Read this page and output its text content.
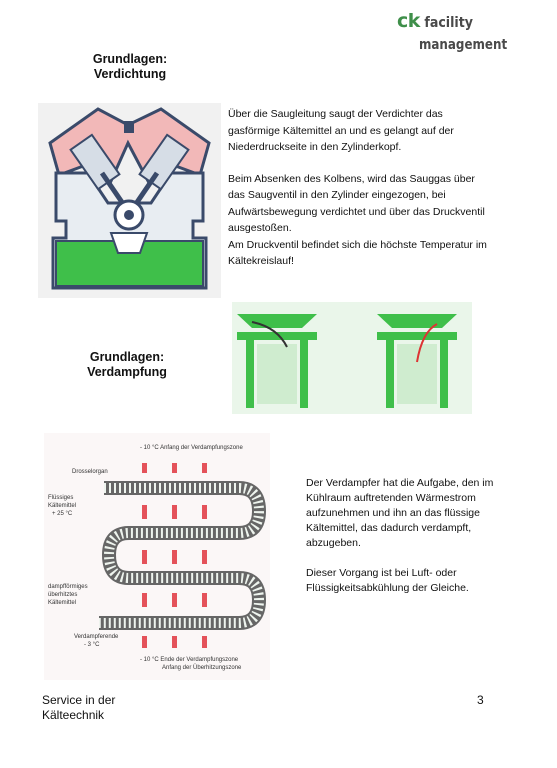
ck facility
management
Grundlagen:
Verdichtung

Über die Saugleitung saugt der Verdichter das gasförmige Kältemittel an und es gelangt auf der Niederdruckseite in den Zylinderkopf.

Beim Absenken des Kolbens, wird das Sauggas über das Saugventil in den Zylinder eingezogen, bei Aufwärtsbewegung verdichtet und über das Druckventil ausgestoßen.

Am Druckventil befindet sich die höchste Temperatur im Kältekreislauf!

Grundlagen:
Verdampfung
- 10 °C Anfang der Verdampfungszone
Drosselorgan
Flüssiges
Kältemittel
+ 25 °C
dampfförmiges
überhitztes
Kältemittel
Verdampferende
- 3 °C
- 10 °C Ende der Verdampfungszone
Anfang der Überhitzungszone

Der Verdampfer hat die Aufgabe, den im Kühlraum auftretenden Wärmestrom aufzunehmen und ihn an das flüssige Kältemittel, das dadurch verdampft, abzugeben.

Dieser Vorgang ist bei Luft- oder Flüssigkeitsabkühlung der Gleiche.

Service in der
Kälteechnik
3
